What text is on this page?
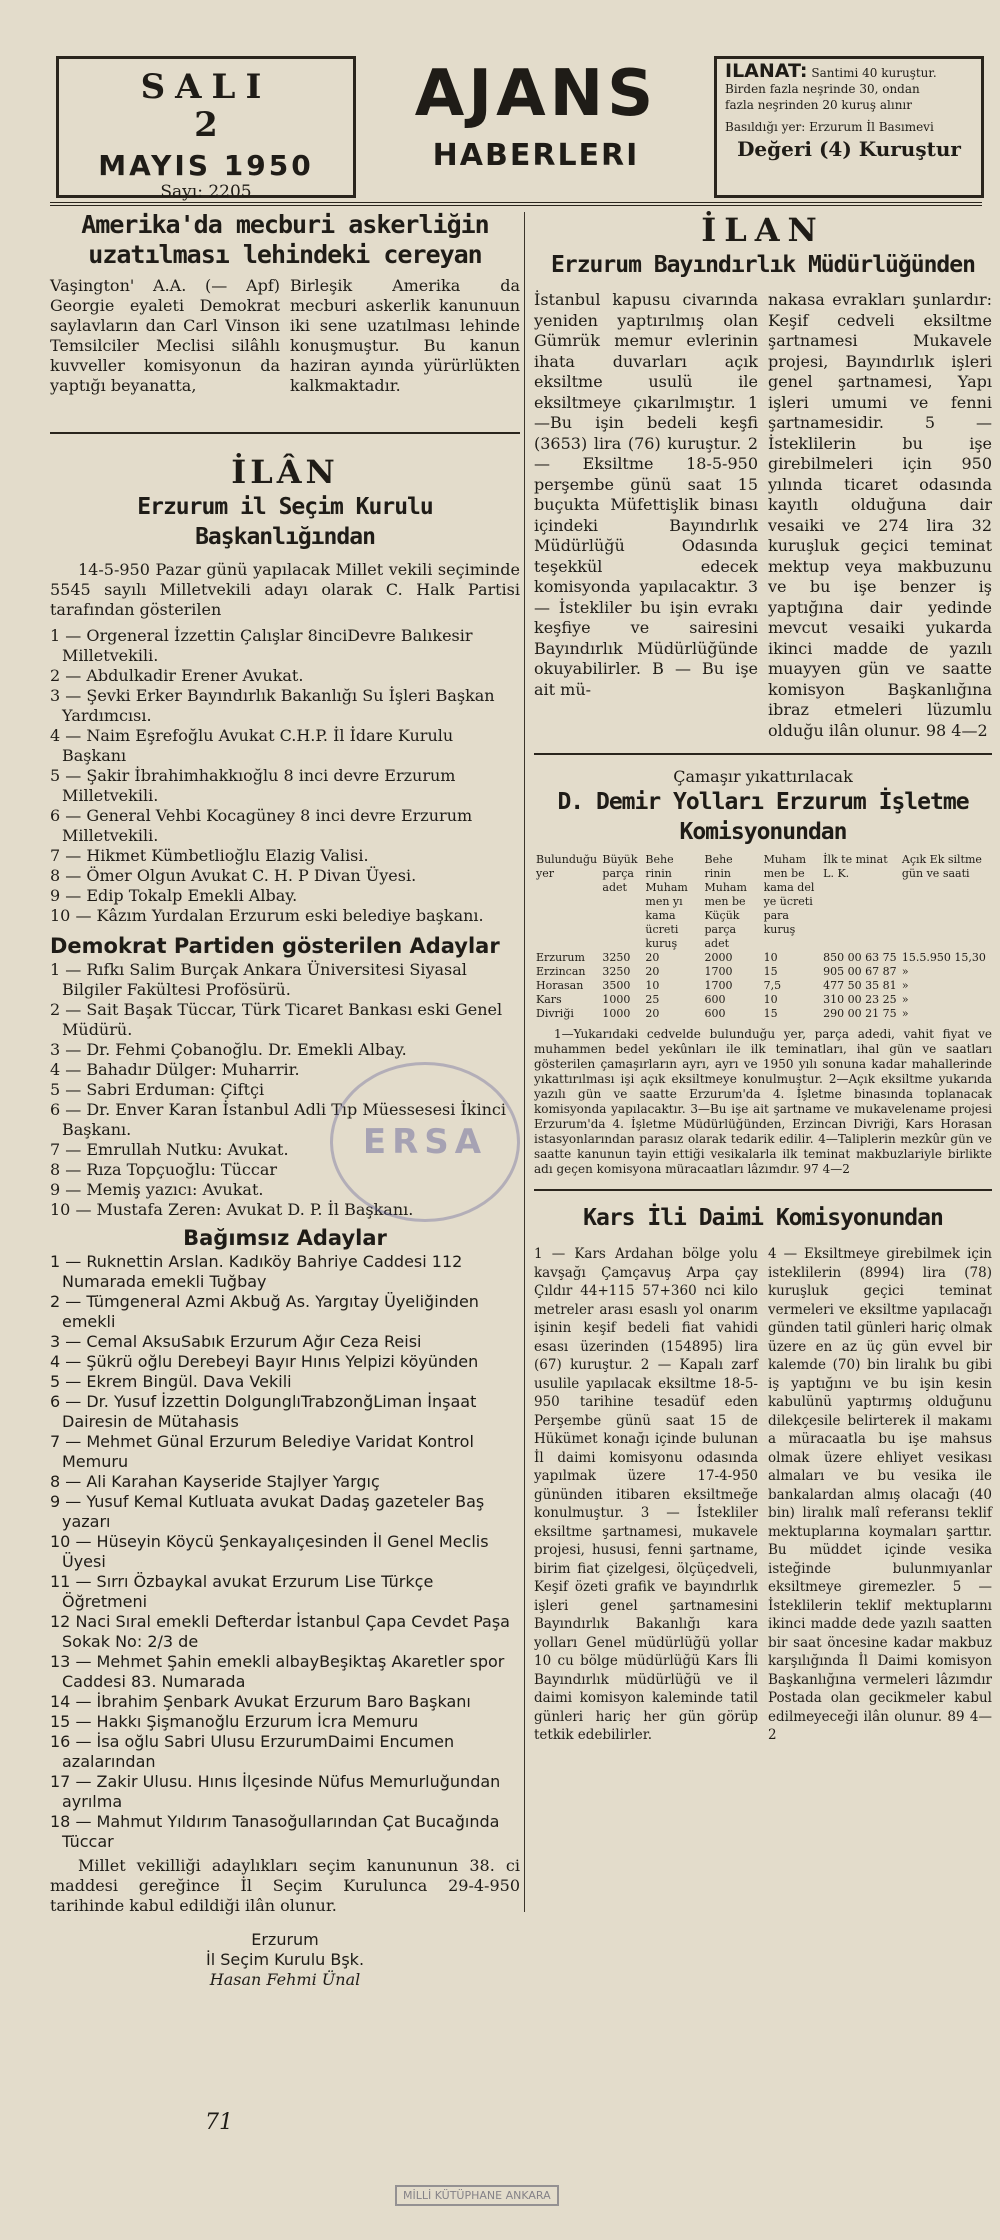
SALI
2
MAYIS 1950
Sayı: 2205
AJANS
HABERLERI
ILANAT: Santimi 40 kuruştur.
Birden fazla neşrinde 30, ondan
fazla neşrinden 20 kuruş alınır
Basıldığı yer: Erzurum İl Basımevi
Değeri (4) Kuruştur
Amerika'da mecburi askerliğin uzatılması lehindeki cereyan
Vaşington' A.A. (— Apf) Georgie eyaleti Demokrat saylavların dan Carl Vinson Temsilciler Meclisi silâhlı kuvveller komisyonun da yaptığı beyanatta,
Birleşik Amerika da mecburi askerlik kanunuun iki sene uzatılması lehinde konuşmuştur. Bu kanun haziran ayında yürürlükten kalkmaktadır.
İLÂN
Erzurum il Seçim Kurulu Başkanlığından
14-5-950 Pazar günü yapılacak Millet vekili seçiminde 5545 sayılı Milletvekili adayı olarak C. Halk Partisi tarafından gösterilen
1 — Orgeneral İzzettin Çalışlar 8inciDevre Balıkesir Milletvekili.
2 — Abdulkadir Erener Avukat.
3 — Şevki Erker Bayındırlık Bakanlığı Su İşleri Başkan Yardımcısı.
4 — Naim Eşrefoğlu Avukat C.H.P. İl İdare Kurulu Başkanı
5 — Şakir İbrahimhakkıoğlu 8 inci devre Erzurum Milletvekili.
6 — General Vehbi Kocagüney 8 inci devre Erzurum Milletvekili.
7 — Hikmet Kümbetlioğlu Elazig Valisi.
8 — Ömer Olgun Avukat C. H. P Divan Üyesi.
9 — Edip Tokalp Emekli Albay.
10 — Kâzım Yurdalan Erzurum eski belediye başkanı.
Demokrat Partiden gösterilen Adaylar
1 — Rıfkı Salim Burçak Ankara Üniversitesi Siyasal Bilgiler Fakültesi Profösürü.
2 — Sait Başak Tüccar, Türk Ticaret Bankası eski Genel Müdürü.
3 — Dr. Fehmi Çobanoğlu. Dr. Emekli Albay.
4 — Bahadır Dülger: Muharrir.
5 — Sabri Erduman: Çiftçi
6 — Dr. Enver Karan İstanbul Adli Tıp Müessesesi İkinci Başkanı.
7 — Emrullah Nutku: Avukat.
8 — Rıza Topçuoğlu: Tüccar
9 — Memiş yazıcı: Avukat.
10 — Mustafa Zeren: Avukat D. P. İl Başkanı.
Bağımsız Adaylar
1 — Ruknettin Arslan. Kadıköy Bahriye Caddesi 112 Numarada emekli Tuğbay
2 — Tümgeneral Azmi Akbuğ As. Yargıtay Üyeliğinden emekli
3 — Cemal AksuSabık Erzurum Ağır Ceza Reisi
4 — Şükrü oğlu Derebeyi Bayır Hınıs Yelpizi köyünden
5 — Ekrem Bingül. Dava Vekili
6 — Dr. Yusuf İzzettin DolgunglıTrabzonğLiman İnşaat Dairesin de Mütahasis
7 — Mehmet Günal Erzurum Belediye Varidat Kontrol Memuru
8 — Ali Karahan Kayseride Stajlyer Yargıç
9 — Yusuf Kemal Kutluata avukat Dadaş gazeteler Baş yazarı
10 — Hüseyin Köycü Şenkayalıçesinden İl Genel Meclis Üyesi
11 — Sırrı Özbaykal avukat Erzurum Lise Türkçe Öğretmeni
12 Naci Sıral emekli Defterdar İstanbul Çapa Cevdet Paşa Sokak No: 2/3 de
13 — Mehmet Şahin emekli albayBeşiktaş Akaretler spor Caddesi 83. Numarada
14 — İbrahim Şenbark Avukat Erzurum Baro Başkanı
15 — Hakkı Şişmanoğlu Erzurum İcra Memuru
16 — İsa oğlu Sabri Ulusu ErzurumDaimi Encumen azalarından
17 — Zakir Ulusu. Hınıs İlçesinde Nüfus Memurluğundan ayrılma
18 — Mahmut Yıldırım Tanasoğullarından Çat Bucağında Tüccar
Millet vekilliği adaylıkları seçim kanununun 38. ci maddesi gereğince İl Seçim Kurulunca 29-4-950 tarihinde kabul edildiği ilân olunur.
Erzurum
İl Seçim Kurulu Bşk.
Hasan Fehmi Ünal
İLAN
Erzurum Bayındırlık Müdürlüğünden
İstanbul kapusu civarında yeniden yaptırılmış olan Gümrük memur evlerinin ihata duvarları açık eksiltme usulü ile eksiltmeye çıkarılmıştır. 1—Bu işin bedeli keşfi (3653) lira (76) kuruştur. 2 — Eksiltme 18-5-950 perşembe günü saat 15 buçukta Müfettişlik binası içindeki Bayındırlık Müdürlüğü Odasında teşekkül edecek komisyonda yapılacaktır. 3 — İstekliler bu işin evrakı keşfiye ve sairesini Bayındırlık Müdürlüğünde okuyabilirler. B — Bu işe ait mü-
nakasa evrakları şunlardır: Keşif cedveli eksiltme şartnamesi Mukavele projesi, Bayındırlık işleri genel şartnamesi, Yapı işleri umumi ve fenni şartnamesidir. 5 — İsteklilerin bu işe girebilmeleri için 950 yılında ticaret odasında kayıtlı olduğuna dair vesaiki ve 274 lira 32 kuruşluk geçici teminat mektup veya makbuzunu ve bu işe benzer iş yaptığına dair yedinde mevcut vesaiki yukarda ikinci madde de yazılı muayyen gün ve saatte komisyon Başkanlığına ibraz etmeleri lüzumlu olduğu ilân olunur. 98 4—2
Çamaşır yıkattırılacak
D. Demir Yolları Erzurum İşletme Komisyonundan
Bulunduğu yer	Büyük parça adet	Behe rinin Muham men yı kama ücreti kuruş	Behe rinin Muham men be Küçük parça adet	Muham men be kama del ye ücreti para kuruş	İlk te minat L. K.	Açık Ek siltme gün ve saati
Erzurum	3250	20	2000	10	850 00 63 75	15.5.950 15,30
Erzincan	3250	20	1700	15	905 00 67 87	»
Horasan	3500	10	1700	7,5	477 50 35 81	»
Kars	1000	25	600	10	310 00 23 25	»
Divriği	1000	20	600	15	290 00 21 75	»
1—Yukarıdaki cedvelde bulunduğu yer, parça adedi, vahit fiyat ve muhammen bedel yekûnları ile ilk teminatları, ihal gün ve saatları gösterilen çamaşırların ayrı, ayrı ve 1950 yılı sonuna kadar mahallerinde yıkattırılması işi açık eksiltmeye konulmuştur. 2—Açık eksiltme yukarıda yazılı gün ve saatte Erzurum'da 4. İşletme binasında toplanacak komisyonda yapılacaktır. 3—Bu işe ait şartname ve mukavelename projesi Erzurum'da 4. İşletme Müdürlüğünden, Erzincan Divriği, Kars Horasan istasyonlarından parasız olarak tedarik edilir. 4—Taliplerin mezkûr gün ve saatte kanunun tayin ettiği vesikalarla ilk teminat makbuzlariyle birlikte adı geçen komisyona müracaatları lâzımdır. 97 4—2
Kars İli Daimi Komisyonundan
1 — Kars Ardahan bölge yolu kavşağı Çamçavuş Arpa çay Çıldır 44+115 57+360 nci kilo metreler arası esaslı yol onarım işinin keşif bedeli fiat vahidi esası üzerinden (154895) lira (67) kuruştur. 2 — Kapalı zarf usulile yapılacak eksiltme 18-5-950 tarihine tesadüf eden Perşembe günü saat 15 de Hükümet konağı içinde bulunan İl daimi komisyonu odasında yapılmak üzere 17-4-950 gününden itibaren eksiltmeğe konulmuştur. 3 — İstekliler eksiltme şartnamesi, mukavele projesi, hususi, fenni şartname, birim fiat çizelgesi, ölçüçedveli, Keşif özeti grafik ve bayındırlık işleri genel şartnamesini Bayındırlık Bakanlığı kara yolları Genel müdürlüğü yollar 10 cu bölge müdürlüğü Kars İli Bayındırlık müdürlüğü ve il daimi komisyon kaleminde tatil günleri hariç her gün görüp tetkik edebilirler.
4 — Eksiltmeye girebilmek için isteklilerin (8994) lira (78) kuruşluk geçici teminat vermeleri ve eksiltme yapılacağı günden tatil günleri hariç olmak üzere en az üç gün evvel bir kalemde (70) bin liralık bu gibi iş yaptığını ve bu işin kesin kabulünü yaptırmış olduğunu dilekçesile belirterek il makamı a müracaatla bu işe mahsus olmak üzere ehliyet vesikası almaları ve bu vesika ile bankalardan almış olacağı (40 bin) liralık malî referansı teklif mektuplarına koymaları şarttır. Bu müddet içinde vesika isteğinde bulunmıyanlar eksiltmeye giremezler. 5 — İsteklilerin teklif mektuplarını ikinci madde dede yazılı saatten bir saat öncesine kadar makbuz karşılığında İl Daimi komisyon Başkanlığına vermeleri lâzımdır Postada olan gecikmeler kabul edilmeyeceği ilân olunur. 89 4—2
ERSA
71
MİLLİ KÜTÜPHANE ANKARA
